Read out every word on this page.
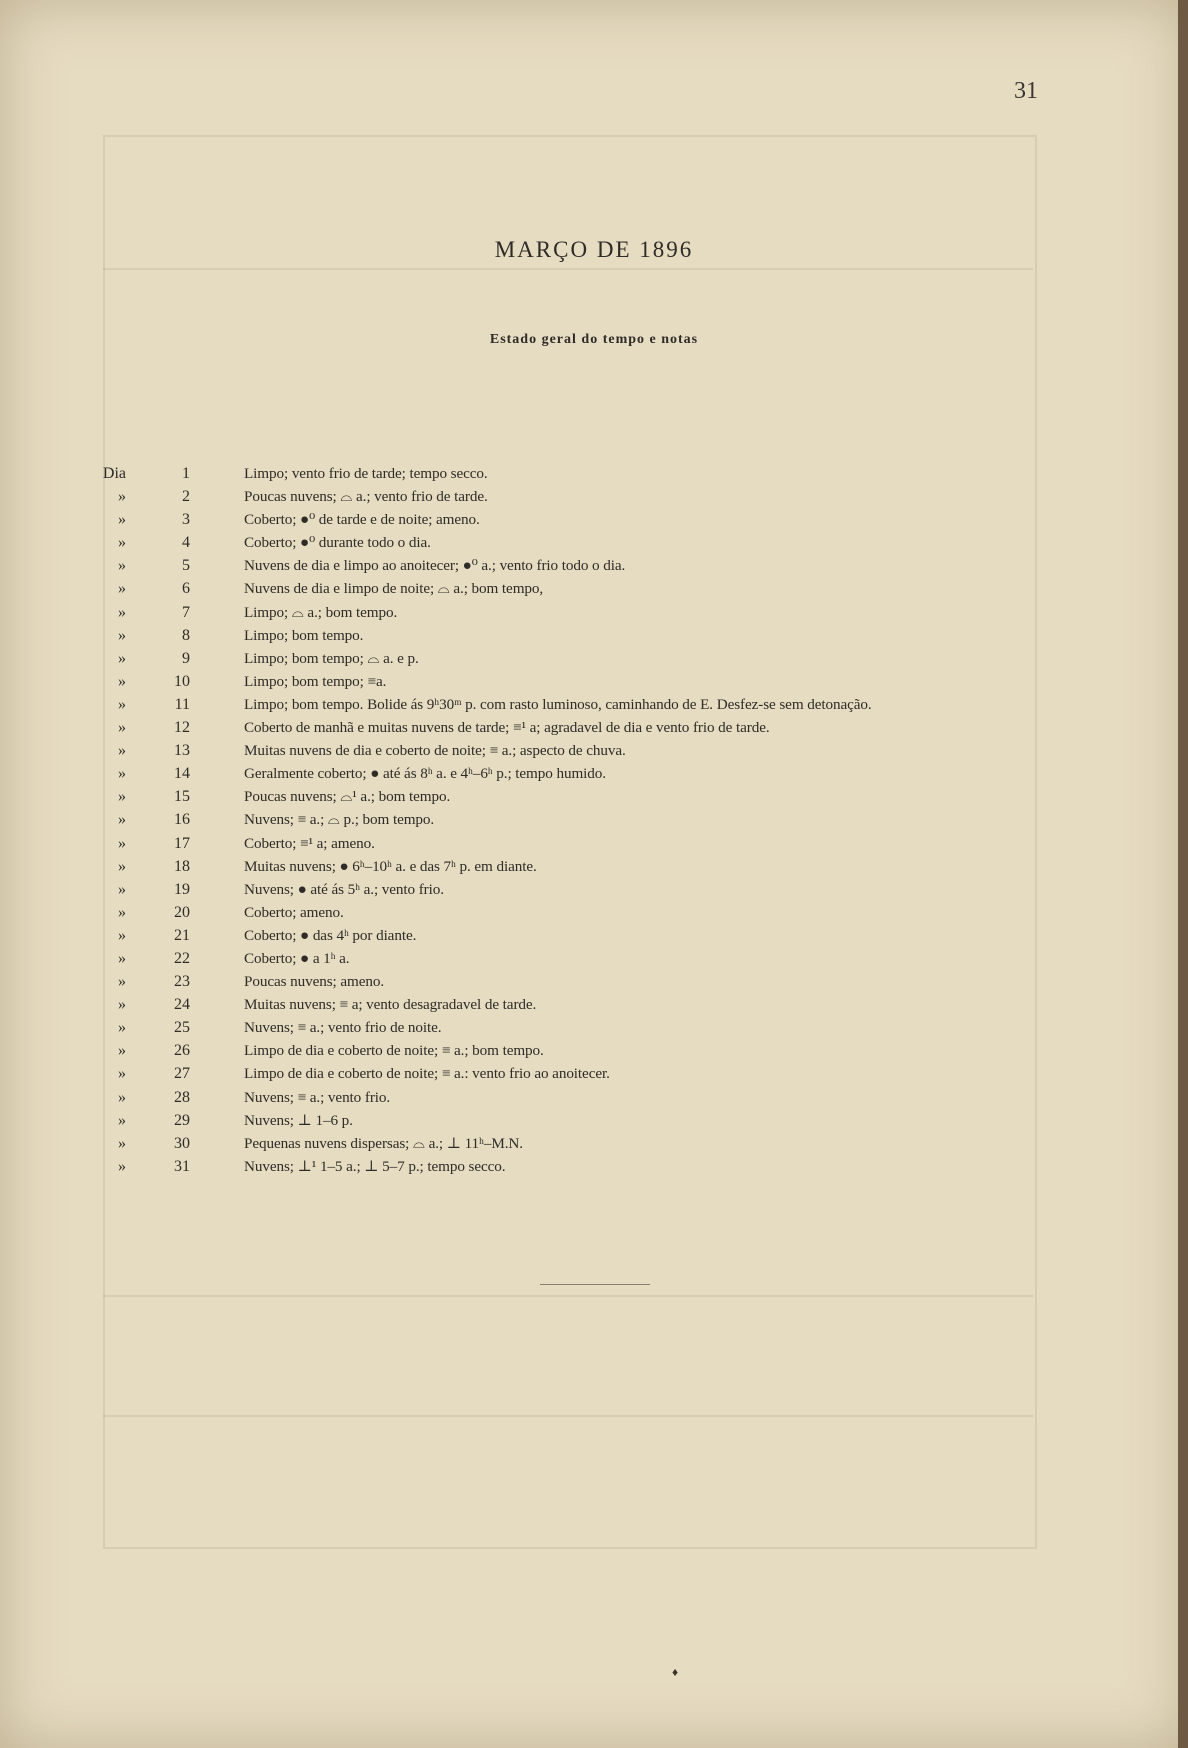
31
MARÇO DE 1896
Estado geral do tempo e notas
Dia	1	Limpo; vento frio de tarde; tempo secco.
»	2	Poucas nuvens; ⌓ a.; vento frio de tarde.
»	3	Coberto; ●⁰ de tarde e de noite; ameno.
»	4	Coberto; ●⁰ durante todo o dia.
»	5	Nuvens de dia e limpo ao anoitecer; ●⁰ a.; vento frio todo o dia.
»	6	Nuvens de dia e limpo de noite; ⌓ a.; bom tempo,
»	7	Limpo; ⌓ a.; bom tempo.
»	8	Limpo; bom tempo.
»	9	Limpo; bom tempo; ⌓ a. e p.
»	10	Limpo; bom tempo; ≡a.
»	11	Limpo; bom tempo. Bolide ás 9ʰ30ᵐ p. com rasto luminoso, caminhando de E. Desfez-se sem detonação.
»	12	Coberto de manhã e muitas nuvens de tarde; ≡¹ a; agradavel de dia e vento frio de tarde.
»	13	Muitas nuvens de dia e coberto de noite; ≡ a.; aspecto de chuva.
»	14	Geralmente coberto; ● até ás 8ʰ a. e 4ʰ–6ʰ p.; tempo humido.
»	15	Poucas nuvens; ⌓¹ a.; bom tempo.
»	16	Nuvens; ≡ a.; ⌓ p.; bom tempo.
»	17	Coberto; ≡¹ a; ameno.
»	18	Muitas nuvens; ● 6ʰ–10ʰ a. e das 7ʰ p. em diante.
»	19	Nuvens; ● até ás 5ʰ a.; vento frio.
»	20	Coberto; ameno.
»	21	Coberto; ● das 4ʰ por diante.
»	22	Coberto; ● a 1ʰ a.
»	23	Poucas nuvens; ameno.
»	24	Muitas nuvens; ≡ a; vento desagradavel de tarde.
»	25	Nuvens; ≡ a.; vento frio de noite.
»	26	Limpo de dia e coberto de noite; ≡ a.; bom tempo.
»	27	Limpo de dia e coberto de noite; ≡ a.: vento frio ao anoitecer.
»	28	Nuvens; ≡ a.; vento frio.
»	29	Nuvens; ⊥ 1–6 p.
»	30	Pequenas nuvens dispersas; ⌓ a.; ⊥ 11ʰ–M.N.
»	31	Nuvens; ⊥¹ 1–5 a.; ⊥ 5–7 p.; tempo secco.
♦
